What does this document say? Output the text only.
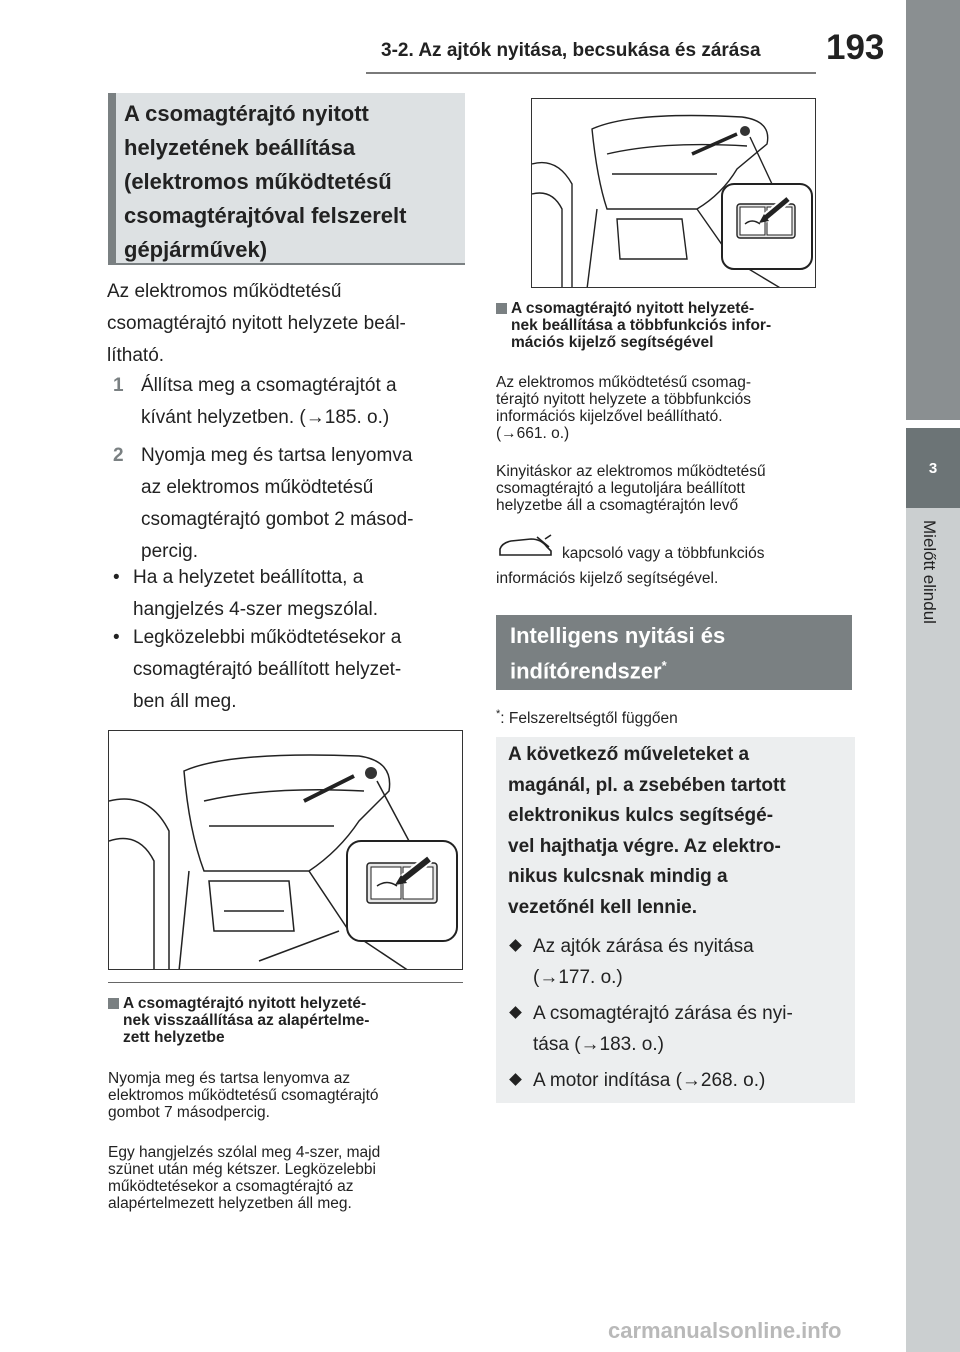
3-2. Az ajtók nyitása, becsukása és zárása 193
3
Mielőtt elindul
A csomagtérajtó nyitott
helyzetének beállítása
(elektromos működtetésű
csomagtérajtóval felszerelt
gépjárművek)
Az elektromos működtetésű
csomagtérajtó nyitott helyzete beál-
lítható.
1 Állítsa meg a csomagtérajtót a
kívánt helyzetben. (→185. o.)
2 Nyomja meg és tartsa lenyomva
az elektromos működtetésű
csomagtérajtó gombot 2 másod-
percig.
• Ha a helyzetet beállította, a
hangjelzés 4-szer megszólal.
• Legközelebbi működtetésekor a
csomagtérajtó beállított helyzet-
ben áll meg.
A csomagtérajtó nyitott helyzeté-
nek visszaállítása az alapértelme-
zett helyzetbe
Nyomja meg és tartsa lenyomva az
elektromos működtetésű csomagtérajtó
gombot 7 másodpercig.
Egy hangjelzés szólal meg 4-szer, majd
szünet után még kétszer. Legközelebbi
működtetésekor a csomagtérajtó az
alapértelmezett helyzetben áll meg.
A csomagtérajtó nyitott helyzeté-
nek beállítása a többfunkciós infor-
mációs kijelző segítségével
Az elektromos működtetésű csomag-
térajtó nyitott helyzete a többfunkciós
információs kijelzővel beállítható.
(→661. o.)
Kinyitáskor az elektromos működtetésű
csomagtérajtó a legutoljára beállított
helyzetbe áll a csomagtérajtón levő
kapcsoló vagy a többfunkciós
információs kijelző segítségével.
Intelligens nyitási és
indítórendszer*
*: Felszereltségtől függően
A következő műveleteket a
magánál, pl. a zsebében tartott
elektronikus kulcs segítségé-
vel hajthatja végre. Az elektro-
nikus kulcsnak mindig a
vezetőnél kell lennie.
Az ajtók zárása és nyitása
(→177. o.)
A csomagtérajtó zárása és nyi-
tása (→183. o.)
A motor indítása (→268. o.)
carmanualsonline.info
